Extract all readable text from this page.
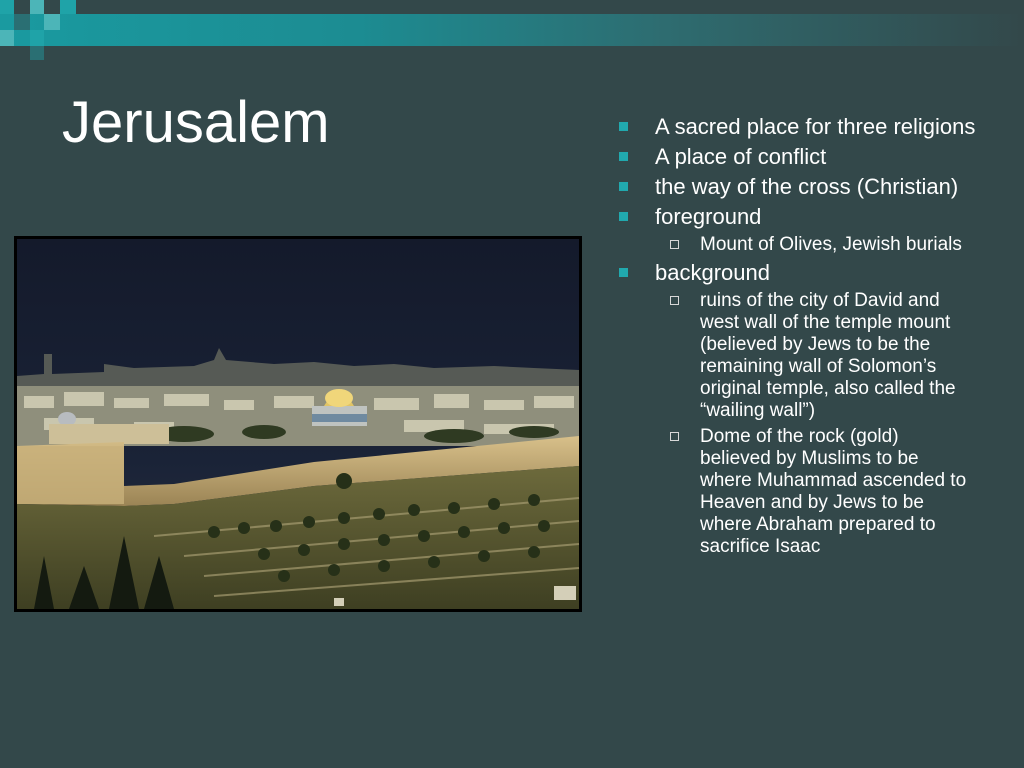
Jerusalem	A sacred place for three religions
A place of conflict
the way of the cross (Christian)
foreground
Mount of Olives, Jewish burials
background
ruins of the city of David and west wall of the temple mount (believed by Jews to be the remaining wall of Solomon’s original temple, also called the “wailing wall”)
Dome of the rock (gold) believed by Muslims to be where Muhammad ascended to Heaven and by Jews to be where Abraham prepared to sacrifice Isaac
